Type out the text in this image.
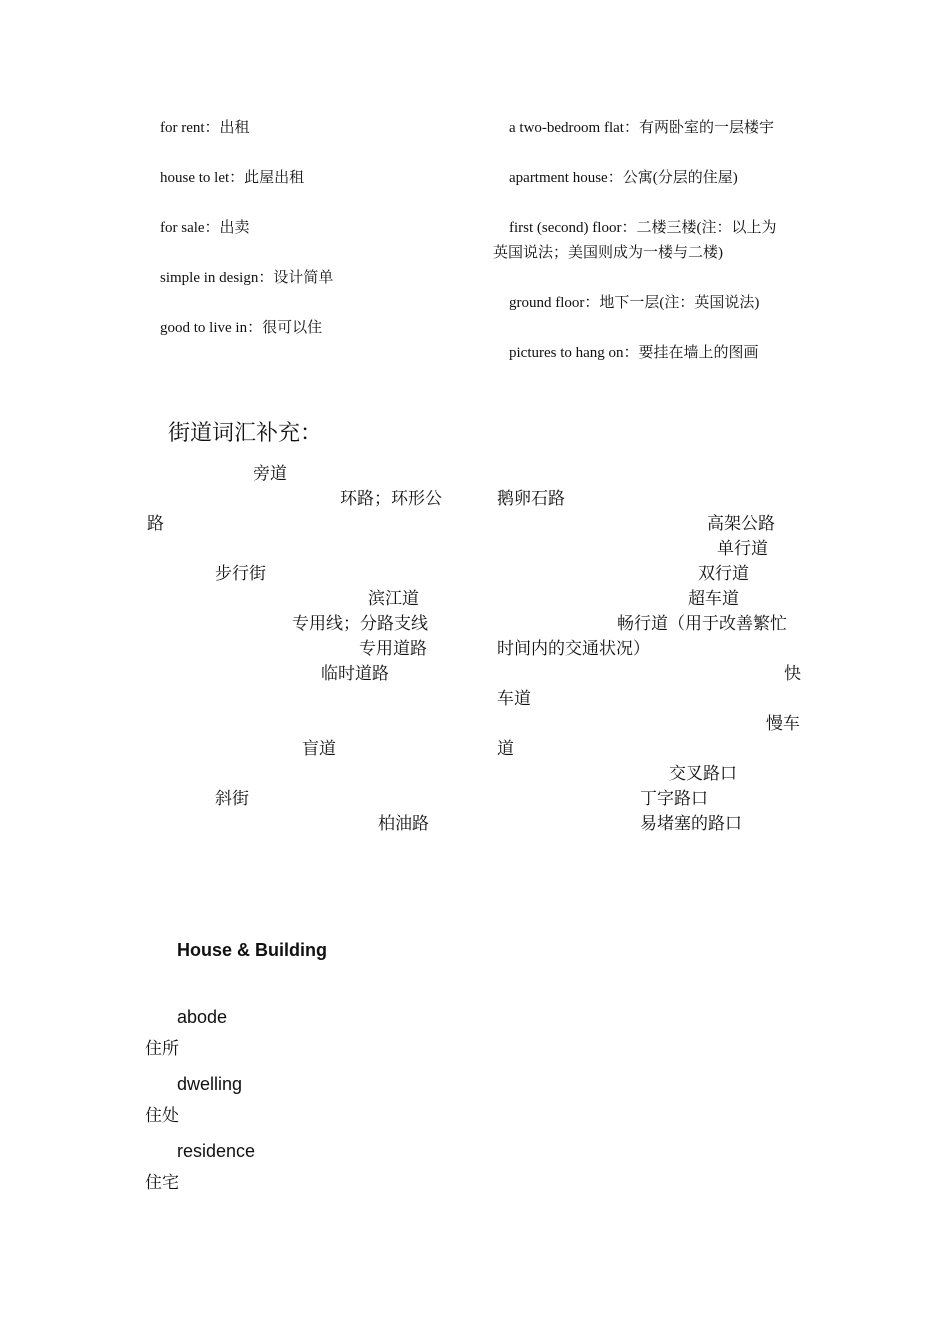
for rent：出租
house to let：此屋出租
for sale：出卖
simple in design：设计简单
good to live in：很可以住
a two-bedroom flat：有两卧室的一层楼宇
apartment house：公寓(分层的住屋)
first (second) floor：二楼三楼(注：以上为
英国说法；美国则成为一楼与二楼)
ground floor：地下一层(注：英国说法)
pictures to hang on：要挂在墙上的图画
街道词汇补充：
旁道
环路；环形公
路
步行街
滨江道
专用线；分路支线
专用道路
临时道路
盲道
斜街
柏油路
鹅卵石路
高架公路
单行道
双行道
超车道
畅行道（用于改善繁忙
时间内的交通状况）
快
车道
慢车
道
交叉路口
丁字路口
易堵塞的路口
House & Building
abode
住所
dwelling
住处
residence
住宅
